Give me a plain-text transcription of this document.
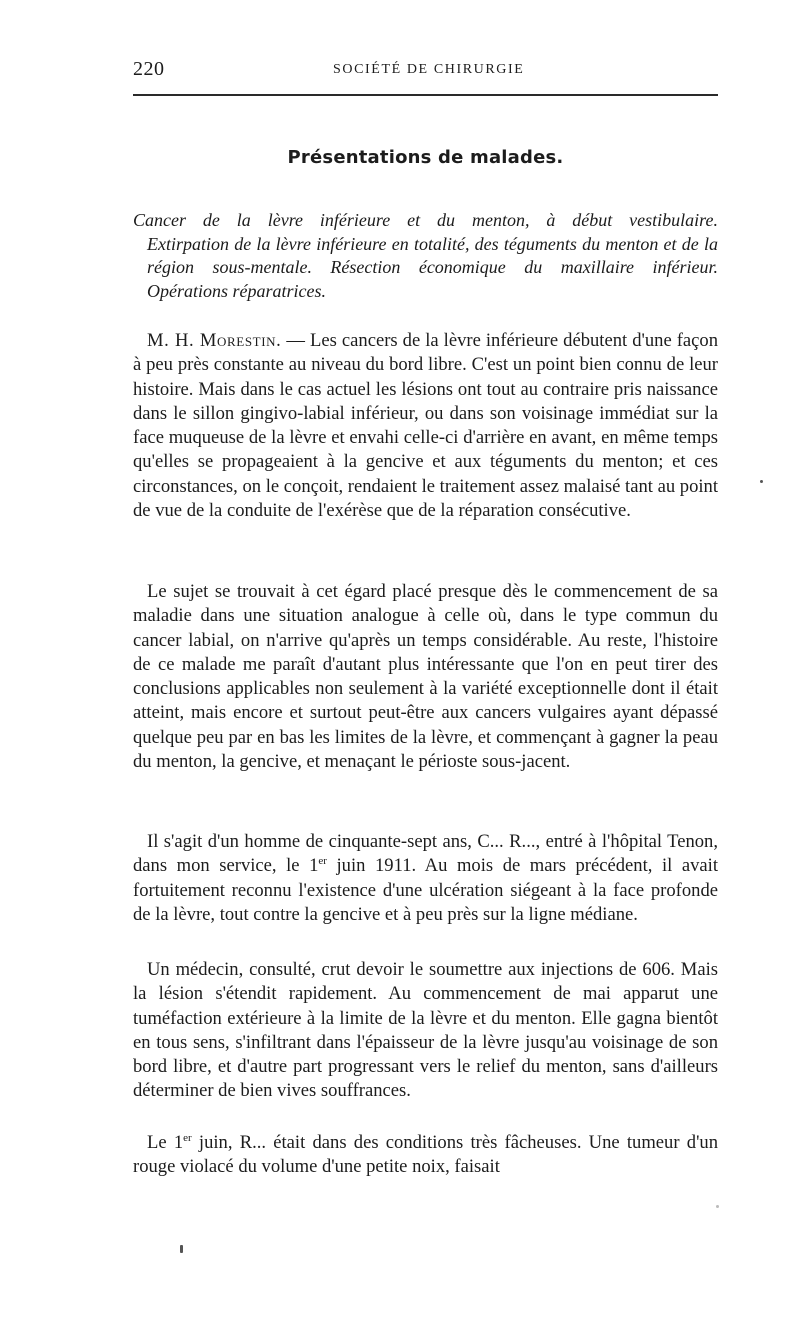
220	SOCIÉTÉ DE CHIRURGIE
Présentations de malades.

Cancer de la lèvre inférieure et du menton, à début vestibulaire.

Extirpation de la lèvre inférieure en totalité, des téguments du menton et de la région sous-mentale. Résection économique du maxillaire inférieur. Opérations réparatrices.

M. H. Morestin. — Les cancers de la lèvre inférieure débutent d'une façon à peu près constante au niveau du bord libre. C'est un point bien connu de leur histoire. Mais dans le cas actuel les lésions ont tout au contraire pris naissance dans le sillon gingivo-labial inférieur, ou dans son voisinage immédiat sur la face muqueuse de la lèvre et envahi celle-ci d'arrière en avant, en même temps qu'elles se propageaient à la gencive et aux téguments du menton; et ces circonstances, on le conçoit, rendaient le traitement assez malaisé tant au point de vue de la conduite de l'exérèse que de la réparation consécutive.

Le sujet se trouvait à cet égard placé presque dès le commencement de sa maladie dans une situation analogue à celle où, dans le type commun du cancer labial, on n'arrive qu'après un temps considérable. Au reste, l'histoire de ce malade me paraît d'autant plus intéressante que l'on en peut tirer des conclusions applicables non seulement à la variété exceptionnelle dont il était atteint, mais encore et surtout peut-être aux cancers vulgaires ayant dépassé quelque peu par en bas les limites de la lèvre, et commençant à gagner la peau du menton, la gencive, et menaçant le périoste sous-jacent.

Il s'agit d'un homme de cinquante-sept ans, C... R..., entré à l'hôpital Tenon, dans mon service, le 1er juin 1911. Au mois de mars précédent, il avait fortuitement reconnu l'existence d'une ulcération siégeant à la face profonde de la lèvre, tout contre la gencive et à peu près sur la ligne médiane.

Un médecin, consulté, crut devoir le soumettre aux injections de 606. Mais la lésion s'étendit rapidement. Au commencement de mai apparut une tuméfaction extérieure à la limite de la lèvre et du menton. Elle gagna bientôt en tous sens, s'infiltrant dans l'épaisseur de la lèvre jusqu'au voisinage de son bord libre, et d'autre part progressant vers le relief du menton, sans d'ailleurs déterminer de bien vives souffrances.

Le 1er juin, R... était dans des conditions très fâcheuses. Une tumeur d'un rouge violacé du volume d'une petite noix, faisait
